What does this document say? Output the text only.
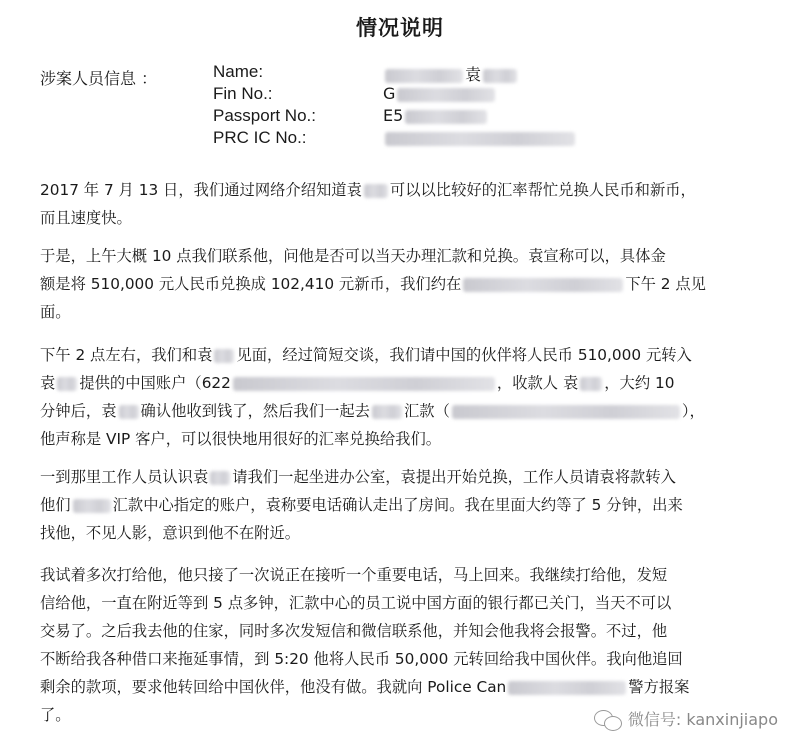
情况说明
涉案人员信息 ：	Name:	袁
Fin No.:	G
Passport No.:	E5
PRC IC No.:
2017 年 7 月 13 日，我们通过网络介绍知道袁 可以以比较好的汇率帮忙兑换人民币和新币，
而且速度快。
于是，上午大概 10 点我们联系他，问他是否可以当天办理汇款和兑换。袁宣称可以，具体金
额是将 510,000 元人民币兑换成 102,410 元新币，我们约在	下午 2 点见
面。
下午 2 点左右，我们和袁 见面，经过简短交谈，我们请中国的伙伴将人民币 510,000 元转入
袁 提供的中国账户（622	，收款人 袁 ，大约 10
分钟后，袁 确认他收到钱了，然后我们一起去 汇款（	），
他声称是 VIP 客户，可以很快地用很好的汇率兑换给我们。
一到那里工作人员认识袁 请我们一起坐进办公室，袁提出开始兑换，工作人员请袁将款转入
他们	汇款中心指定的账户，袁称要电话确认走出了房间。我在里面大约等了 5 分钟，出来
找他，不见人影，意识到他不在附近。
我试着多次打给他，他只接了一次说正在接听一个重要电话，马上回来。我继续打给他，发短
信给他，一直在附近等到 5 点多钟，汇款中心的员工说中国方面的银行都已关门，当天不可以
交易了。之后我去他的住家，同时多次发短信和微信联系他，并知会他我将会报警。不过，他
不断给我各种借口来拖延事情，到 5:20 他将人民币 50,000 元转回给我中国伙伴。我向他追回
剩余的款项，要求他转回给中国伙伴，他没有做。我就向 Police Can	警方报案
了。	微信号: kanxinjiapo
